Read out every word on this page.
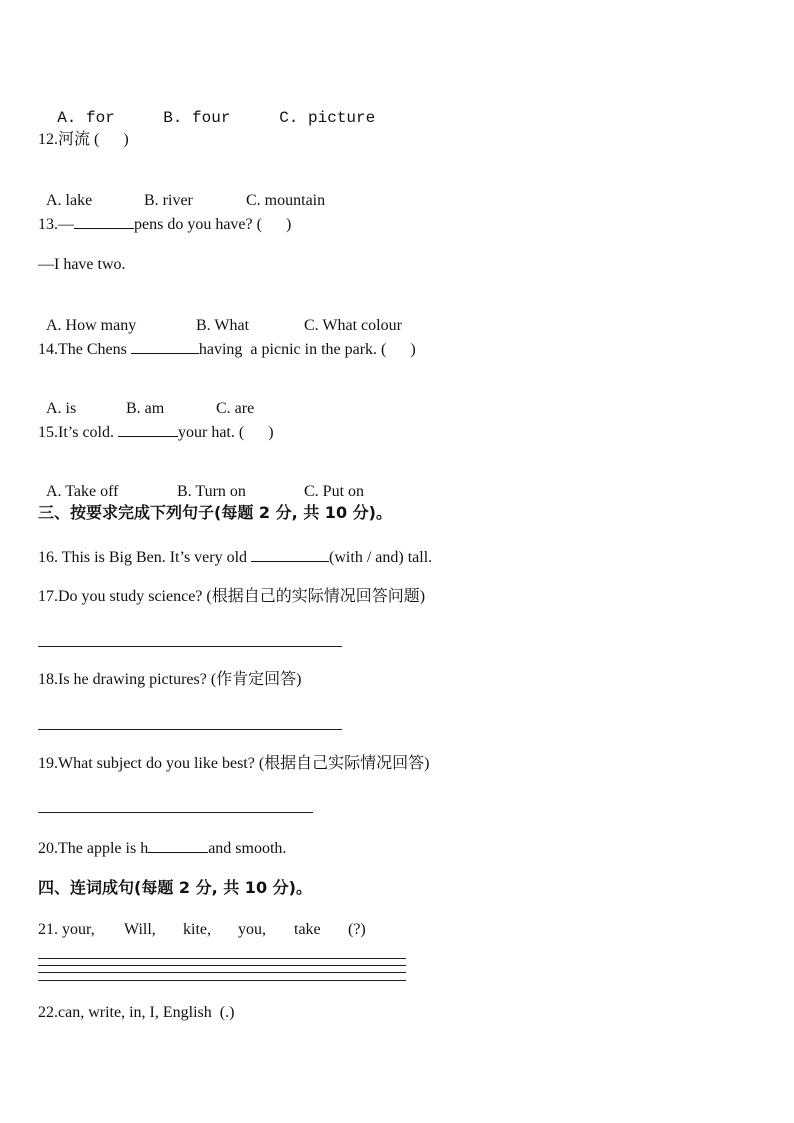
A. for	B. four	C. picture

12.河流 (      )

A. lake	B. river	C. mountain

13.—	pens do you have? (      )
—I have two.

A. How many	B. What	C. What colour

14.The Chens	having  a picnic in the park. (      )

A. is	B. am	C. are

15.It’s cold.	your hat. (      )

A. Take off	B. Turn on	C. Put on

三、按要求完成下列句子(每题 2 分, 共 10 分)。
16. This is Big Ben. It’s very old	(with / and) tall.
17.Do you study science? (根据自己的实际情况回答问题)
18.Is he drawing pictures? (作肯定回答)
19.What subject do you like best? (根据自己实际情况回答)
20.The apple is h	and smooth.
四、连词成句(每题 2 分, 共 10 分)。
21. your, Will, kite, you, take (?)
22.can, write, in, I, English  (.)
